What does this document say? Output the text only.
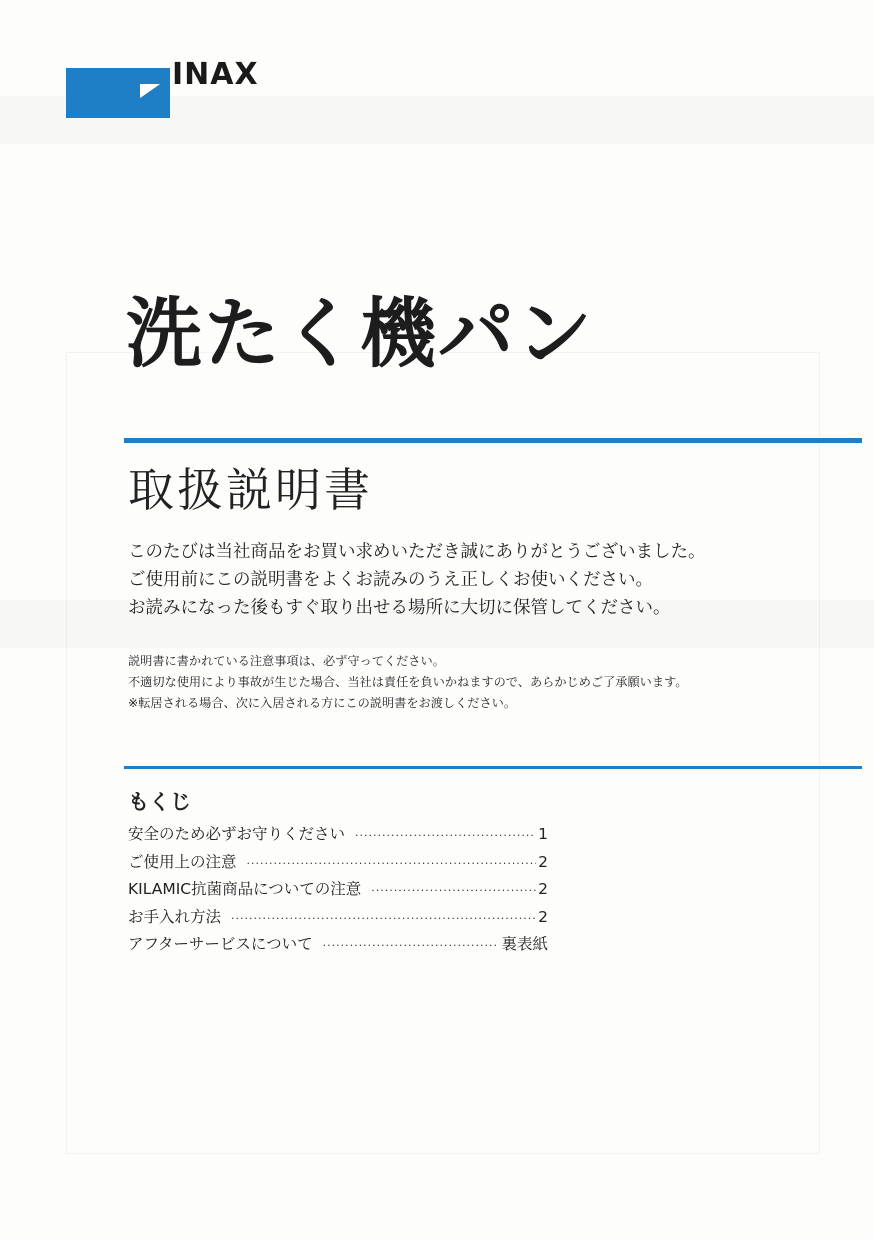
INAX
洗たく機パン
取扱説明書

このたびは当社商品をお買い求めいただき誠にありがとうございました。

ご使用前にこの説明書をよくお読みのうえ正しくお使いください。

お読みになった後もすぐ取り出せる場所に大切に保管してください。

説明書に書かれている注意事項は、必ず守ってください。

不適切な使用により事故が生じた場合、当社は責任を負いかねますので、あらかじめご了承願います。

※転居される場合、次に入居される方にこの説明書をお渡しください。

もくじ
安全のため必ずお守りください ·····	1
ご使用上の注意 ·····	2
KILAMIC抗菌商品についての注意 ·····	2
お手入れ方法 ·····	2
アフターサービスについて ·····	裏表紙
